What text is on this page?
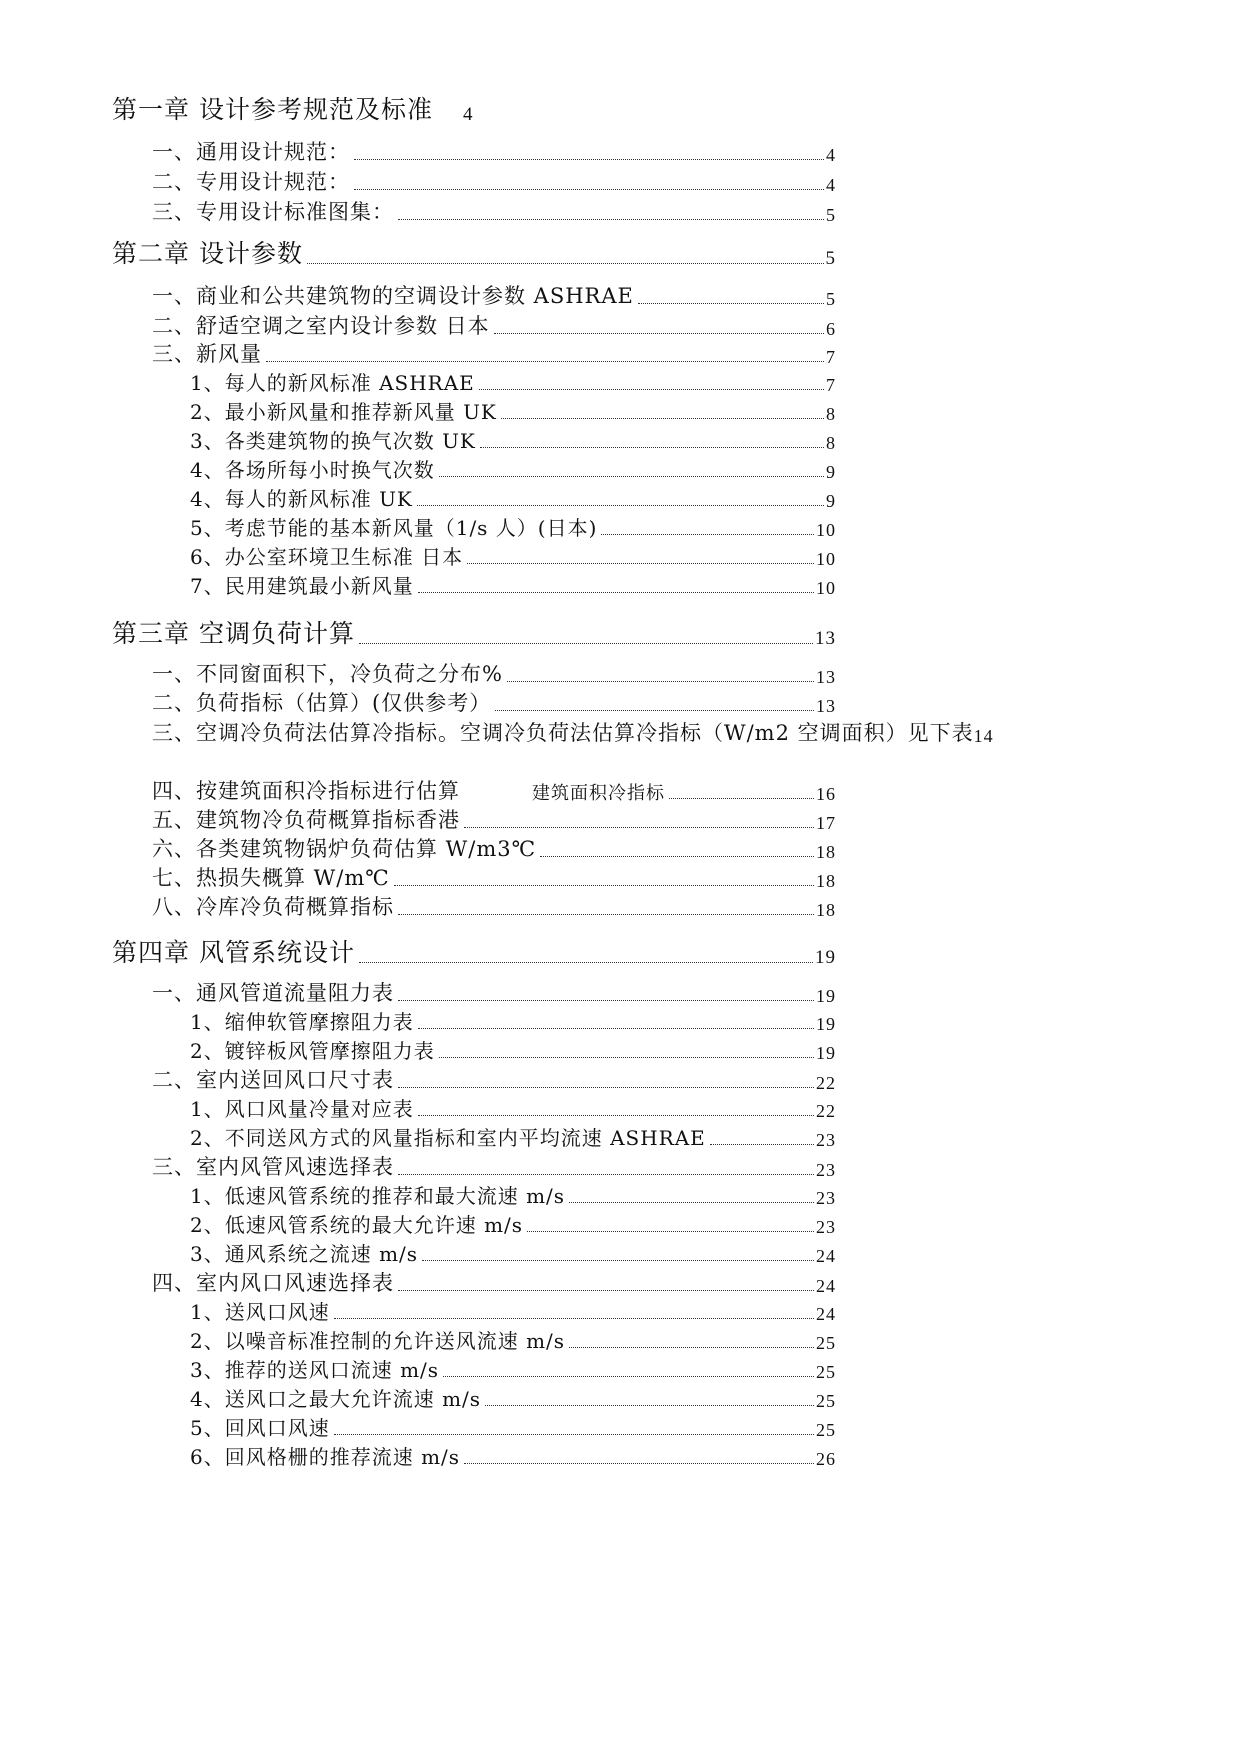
第一章 设计参考规范及标准 4
一、通用设计规范：	4
二、专用设计规范：	4
三、专用设计标准图集：	5
第二章 设计参数	5
一、商业和公共建筑物的空调设计参数 ASHRAE	5
二、舒适空调之室内设计参数 日本	6
三、新风量	7
1、每人的新风标准 ASHRAE	7
2、最小新风量和推荐新风量 UK	8
3、各类建筑物的换气次数 UK	8
4、各场所每小时换气次数	9
4、每人的新风标准 UK	9
5、考虑节能的基本新风量（1/s 人）(日本)	10
6、办公室环境卫生标准 日本	10
7、民用建筑最小新风量	10
第三章 空调负荷计算	13
一、不同窗面积下，冷负荷之分布%	13
二、负荷指标（估算）(仅供参考）	13
三、空调冷负荷法估算冷指标。空调冷负荷法估算冷指标（W/m2 空调面积）见下表 14
四、按建筑面积冷指标进行估算	建筑面积冷指标	16
五、建筑物冷负荷概算指标香港	17
六、各类建筑物锅炉负荷估算 W/m3℃	18
七、热损失概算 W/m℃	18
八、冷库冷负荷概算指标	18
第四章 风管系统设计	19
一、通风管道流量阻力表	19
1、缩伸软管摩擦阻力表	19
2、镀锌板风管摩擦阻力表	19
二、室内送回风口尺寸表	22
1、风口风量冷量对应表	22
2、不同送风方式的风量指标和室内平均流速 ASHRAE	23
三、室内风管风速选择表	23
1、低速风管系统的推荐和最大流速 m/s	23
2、低速风管系统的最大允许速 m/s	23
3、通风系统之流速 m/s	24
四、室内风口风速选择表	24
1、送风口风速	24
2、以噪音标准控制的允许送风流速 m/s	25
3、推荐的送风口流速 m/s	25
4、送风口之最大允许流速 m/s	25
5、回风口风速	25
6、回风格栅的推荐流速 m/s	26
zhulong.com
